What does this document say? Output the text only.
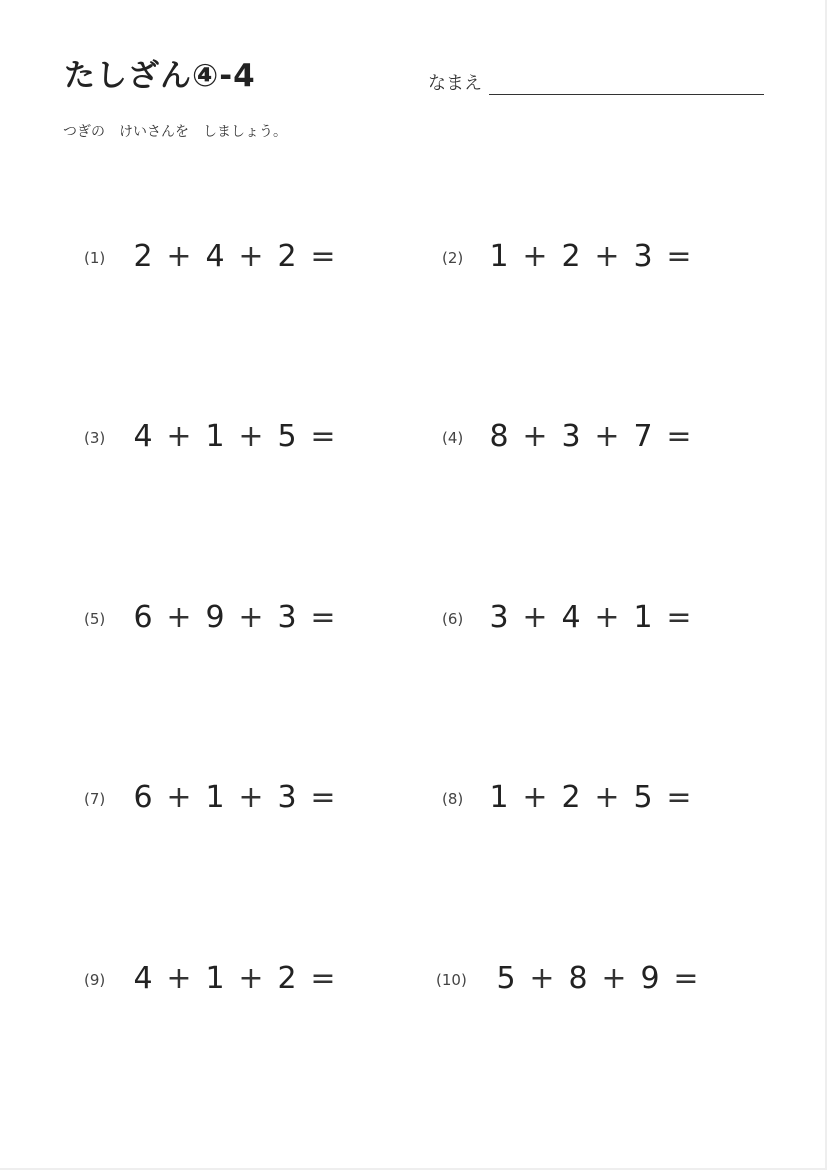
たしざん④-4	なまえ
つぎの　けいさんを　しましょう。
(1) 2 + 4 + 2 =	(2) 1 + 2 + 3 =
(3) 4 + 1 + 5 =	(4) 8 + 3 + 7 =
(5) 6 + 9 + 3 =	(6) 3 + 4 + 1 =
(7) 6 + 1 + 3 =	(8) 1 + 2 + 5 =
(9) 4 + 1 + 2 =	(10) 5 + 8 + 9 =
